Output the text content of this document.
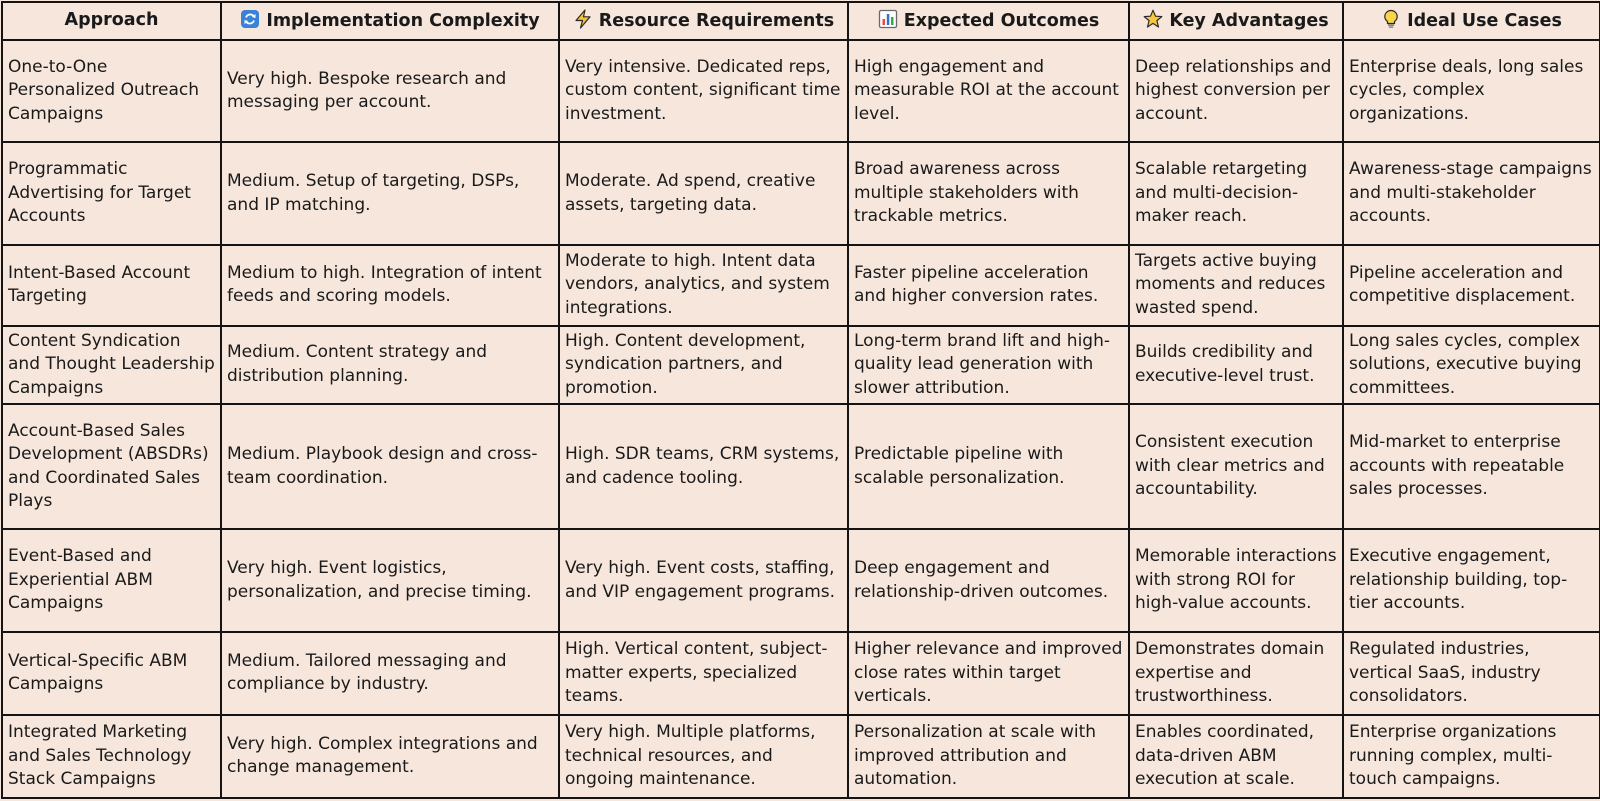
Approach	Implementation Complexity	Resource Requirements	Expected Outcomes	Key Advantages	Ideal Use Cases
One-to-One Personalized Outreach Campaigns	Very high. Bespoke research and messaging per account.	Very intensive. Dedicated reps, custom content, significant time investment.	High engagement and measurable ROI at the account level.	Deep relationships and highest conversion per account.	Enterprise deals, long sales cycles, complex organizations.
Programmatic Advertising for Target Accounts	Medium. Setup of targeting, DSPs, and IP matching.	Moderate. Ad spend, creative assets, targeting data.	Broad awareness across multiple stakeholders with trackable metrics.	Scalable retargeting and multi-decision-maker reach.	Awareness-stage campaigns and multi-stakeholder accounts.
Intent-Based Account Targeting	Medium to high. Integration of intent feeds and scoring models.	Moderate to high. Intent data vendors, analytics, and system integrations.	Faster pipeline acceleration and higher conversion rates.	Targets active buying moments and reduces wasted spend.	Pipeline acceleration and competitive displacement.
Content Syndication and Thought Leadership Campaigns	Medium. Content strategy and distribution planning.	High. Content development, syndication partners, and promotion.	Long-term brand lift and high-quality lead generation with slower attribution.	Builds credibility and executive-level trust.	Long sales cycles, complex solutions, executive buying committees.
Account-Based Sales Development (ABSDRs) and Coordinated Sales Plays	Medium. Playbook design and cross-team coordination.	High. SDR teams, CRM systems, and cadence tooling.	Predictable pipeline with scalable personalization.	Consistent execution with clear metrics and accountability.	Mid-market to enterprise accounts with repeatable sales processes.
Event-Based and Experiential ABM Campaigns	Very high. Event logistics, personalization, and precise timing.	Very high. Event costs, staffing, and VIP engagement programs.	Deep engagement and relationship-driven outcomes.	Memorable interactions with strong ROI for high-value accounts.	Executive engagement, relationship building, top-tier accounts.
Vertical-Specific ABM Campaigns	Medium. Tailored messaging and compliance by industry.	High. Vertical content, subject-matter experts, specialized teams.	Higher relevance and improved close rates within target verticals.	Demonstrates domain expertise and trustworthiness.	Regulated industries, vertical SaaS, industry consolidators.
Integrated Marketing and Sales Technology Stack Campaigns	Very high. Complex integrations and change management.	Very high. Multiple platforms, technical resources, and ongoing maintenance.	Personalization at scale with improved attribution and automation.	Enables coordinated, data-driven ABM execution at scale.	Enterprise organizations running complex, multi-touch campaigns.
